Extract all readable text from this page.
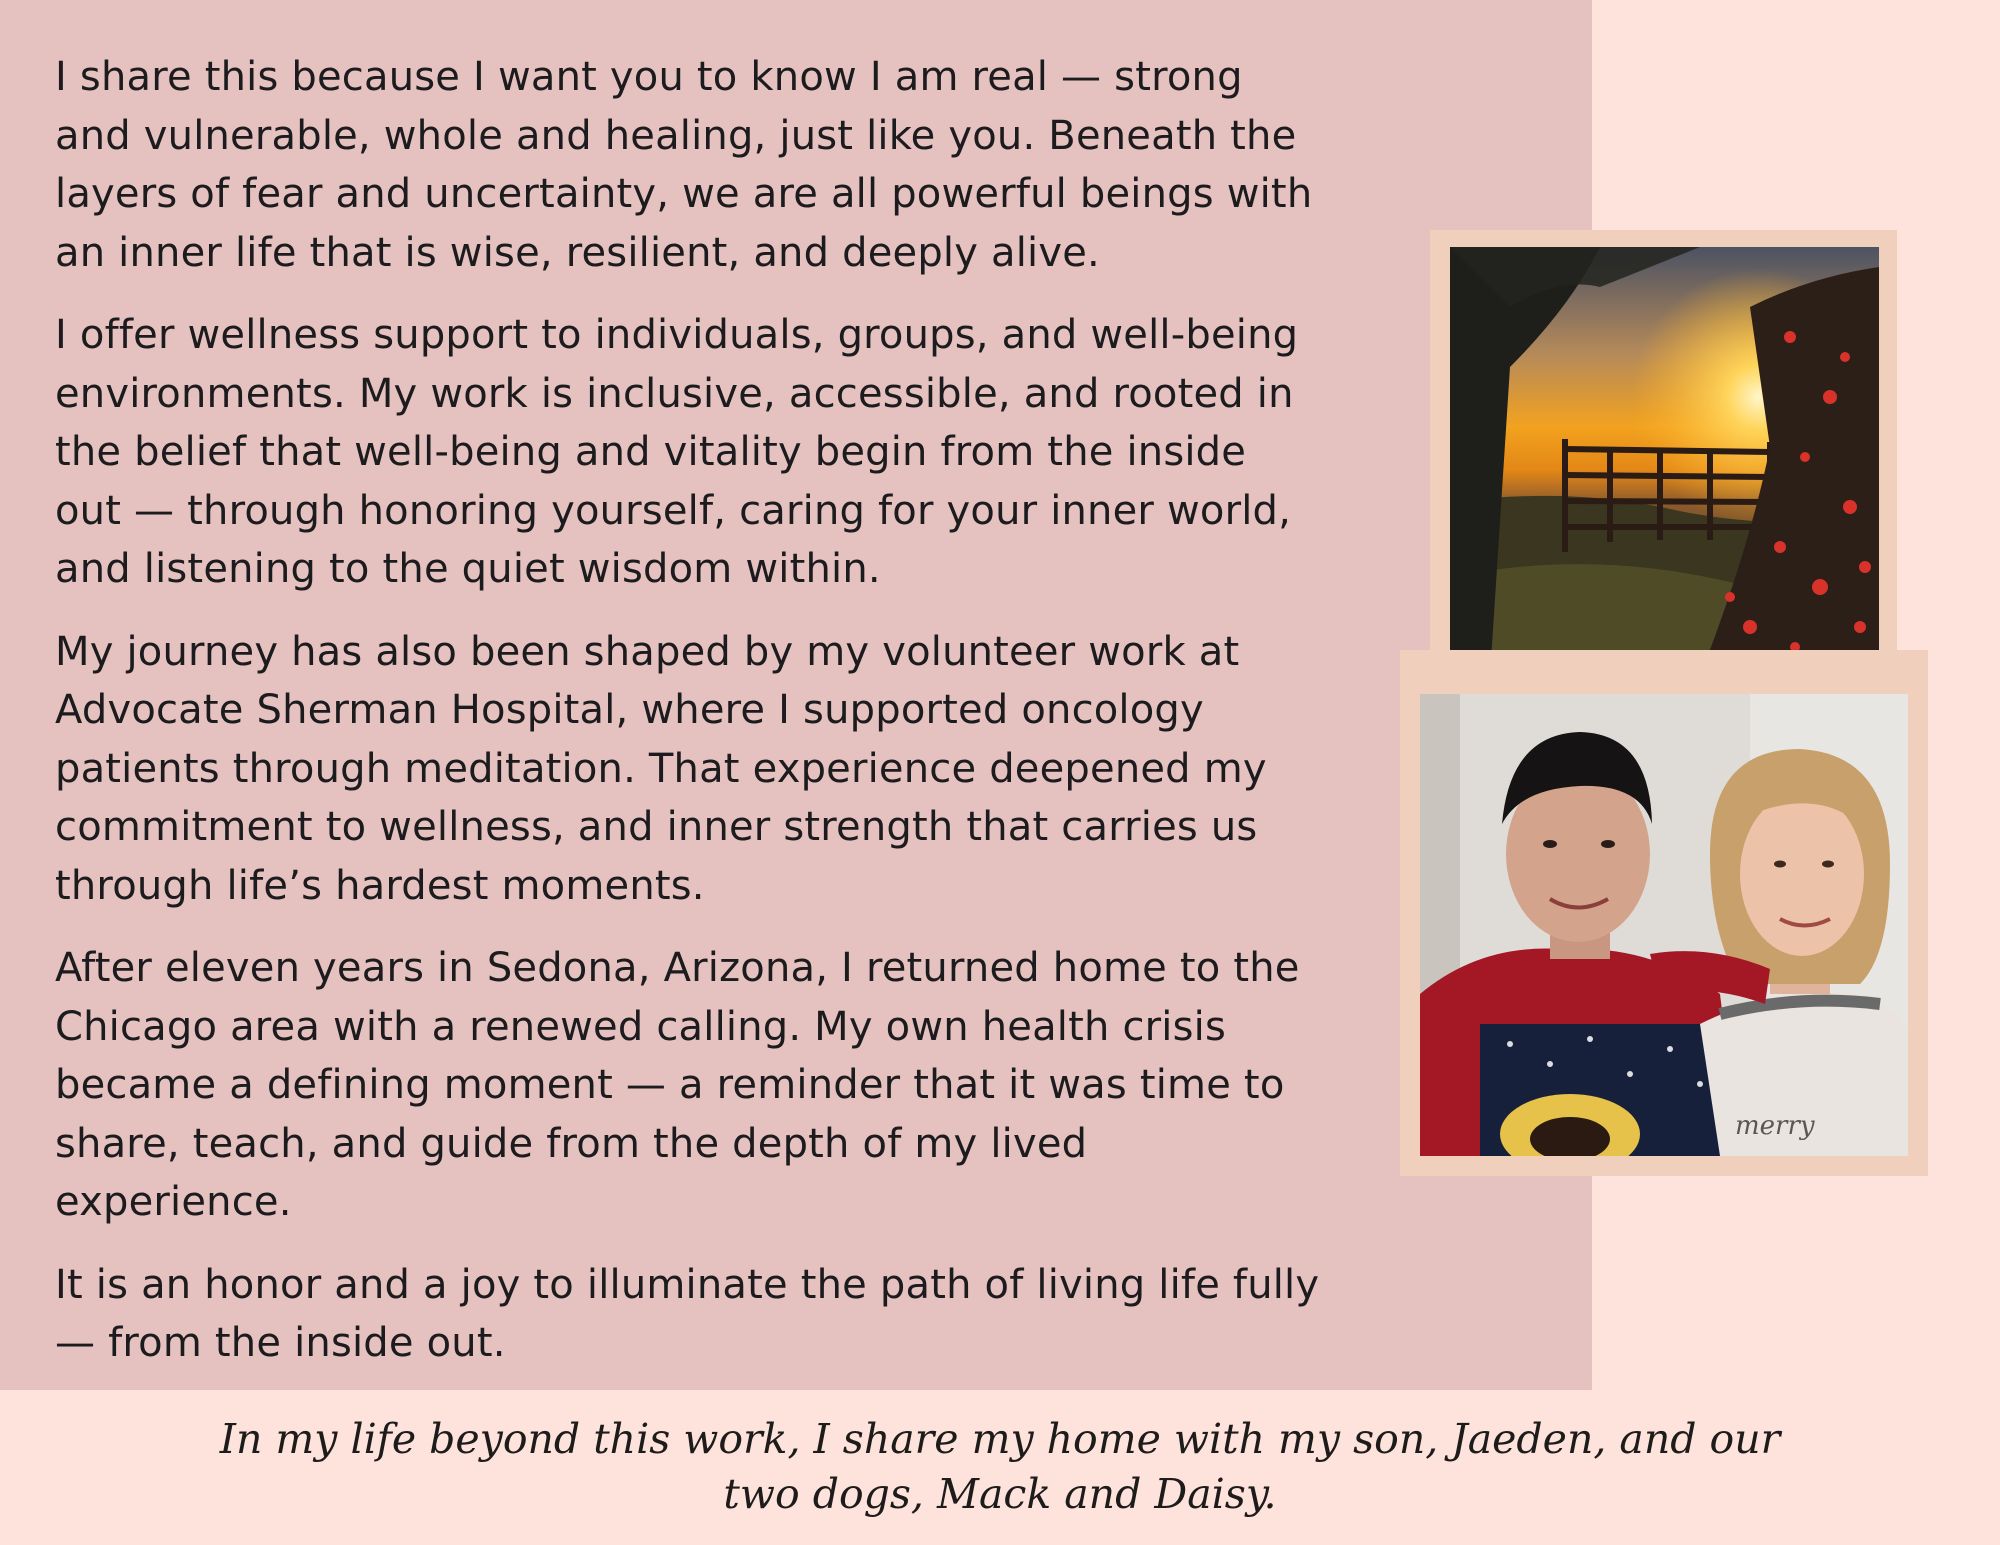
I share this because I want you to know I am real — strong
and vulnerable, whole and healing, just like you. Beneath the
layers of fear and uncertainty, we are all powerful beings with
an inner life that is wise, resilient, and deeply alive.

I offer wellness support to individuals, groups, and well-being
environments. My work is inclusive, accessible, and rooted in
the belief that well-being and vitality begin from the inside
out — through honoring yourself, caring for your inner world,
and listening to the quiet wisdom within.

My journey has also been shaped by my volunteer work at
Advocate Sherman Hospital, where I supported oncology
patients through meditation. That experience deepened my
commitment to wellness, and inner strength that carries us
through life’s hardest moments.

After eleven years in Sedona, Arizona, I returned home to the
Chicago area with a renewed calling. My own health crisis
became a defining moment — a reminder that it was time to
share, teach, and guide from the depth of my lived
experience.

It is an honor and a joy to illuminate the path of living life fully
— from the inside out.

merry
In my life beyond this work, I share my home with my son, Jaeden, and our
two dogs, Mack and Daisy.
